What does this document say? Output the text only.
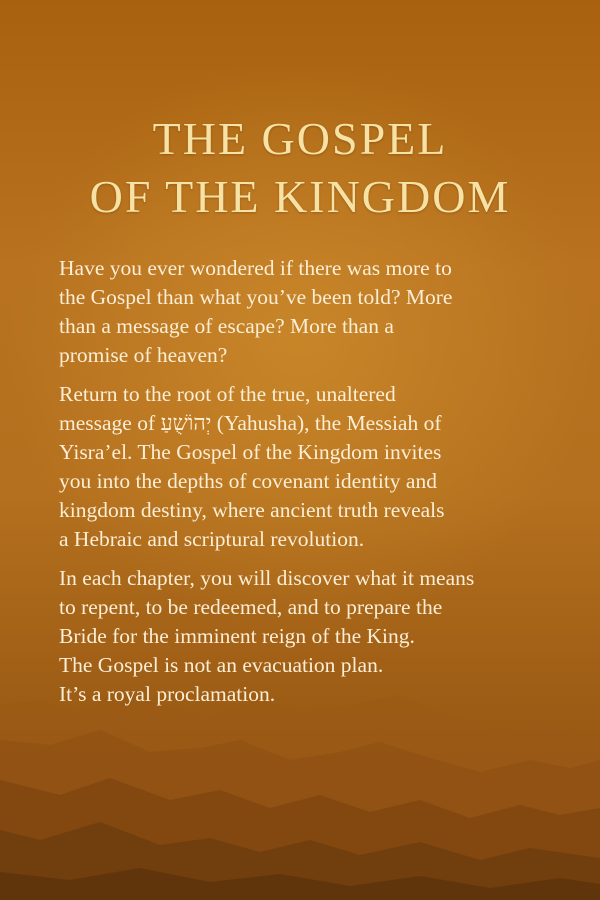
THE GOSPEL
OF THE KINGDOM

Have you ever wondered if there was more to
the Gospel than what you’ve been told? More
than a message of escape? More than a
promise of heaven?

Return to the root of the true, unaltered
message of יְהוֹשֻׁעַ (Yahusha), the Messiah of
Yisra’el. The Gospel of the Kingdom invites
you into the depths of covenant identity and
kingdom destiny, where ancient truth reveals
a Hebraic and scriptural revolution.

In each chapter, you will discover what it means
to repent, to be redeemed, and to prepare the
Bride for the imminent reign of the King.
The Gospel is not an evacuation plan.
It’s a royal proclamation.
